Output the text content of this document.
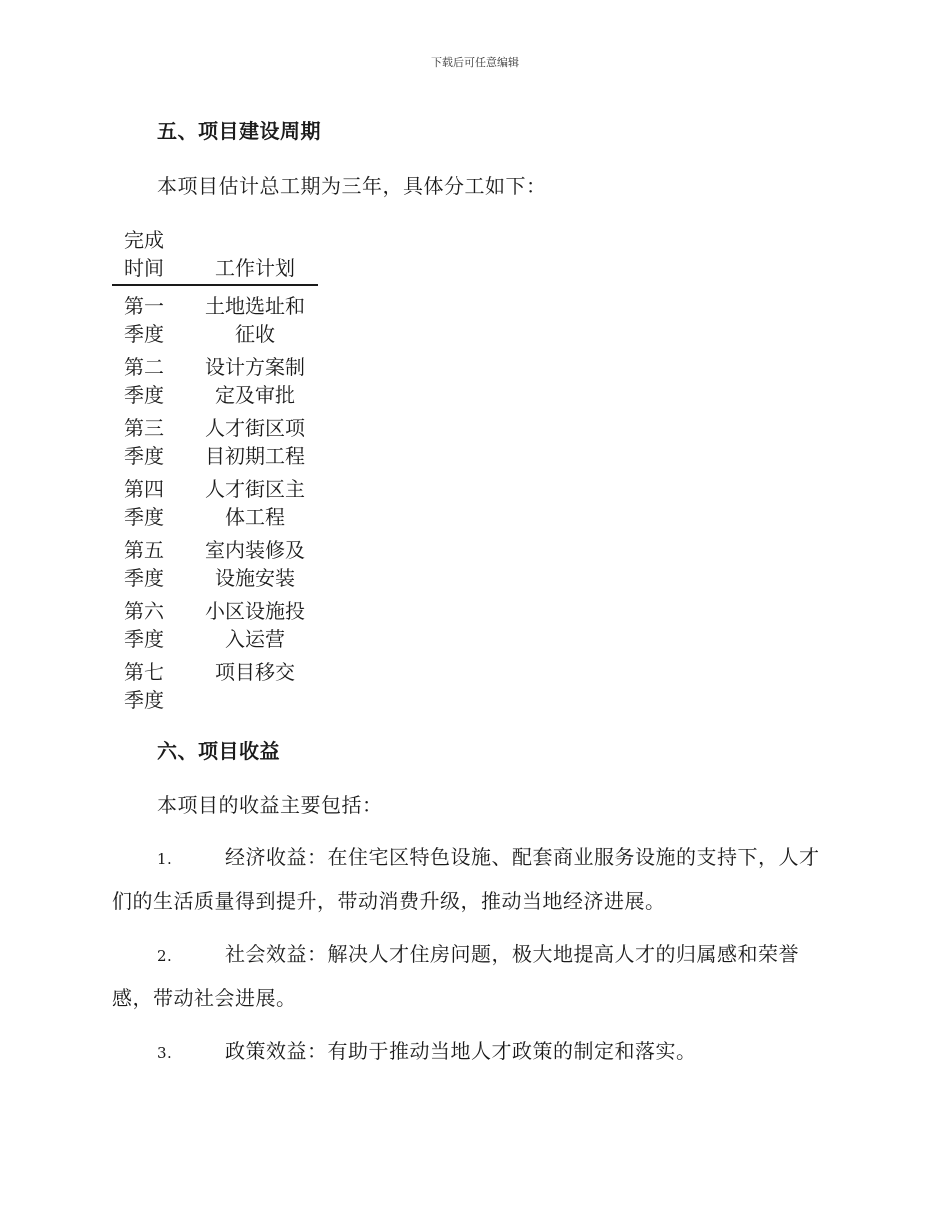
下载后可任意编辑
五、项目建设周期
本项目估计总工期为三年，具体分工如下：
完成时间	工作计划

第一季度	土地选址和征收

第二季度	设计方案制定及审批

第三季度	人才街区项目初期工程

第四季度	人才街区主体工程

第五季度	室内装修及设施安装

第六季度	小区设施投入运营

第七季度	项目移交
六、项目收益
本项目的收益主要包括：
1.	经济收益：在住宅区特色设施、配套商业服务设施的支持下，人才们的生活质量得到提升，带动消费升级，推动当地经济进展。
2.	社会效益：解决人才住房问题，极大地提高人才的归属感和荣誉感，带动社会进展。
3.	政策效益：有助于推动当地人才政策的制定和落实。
